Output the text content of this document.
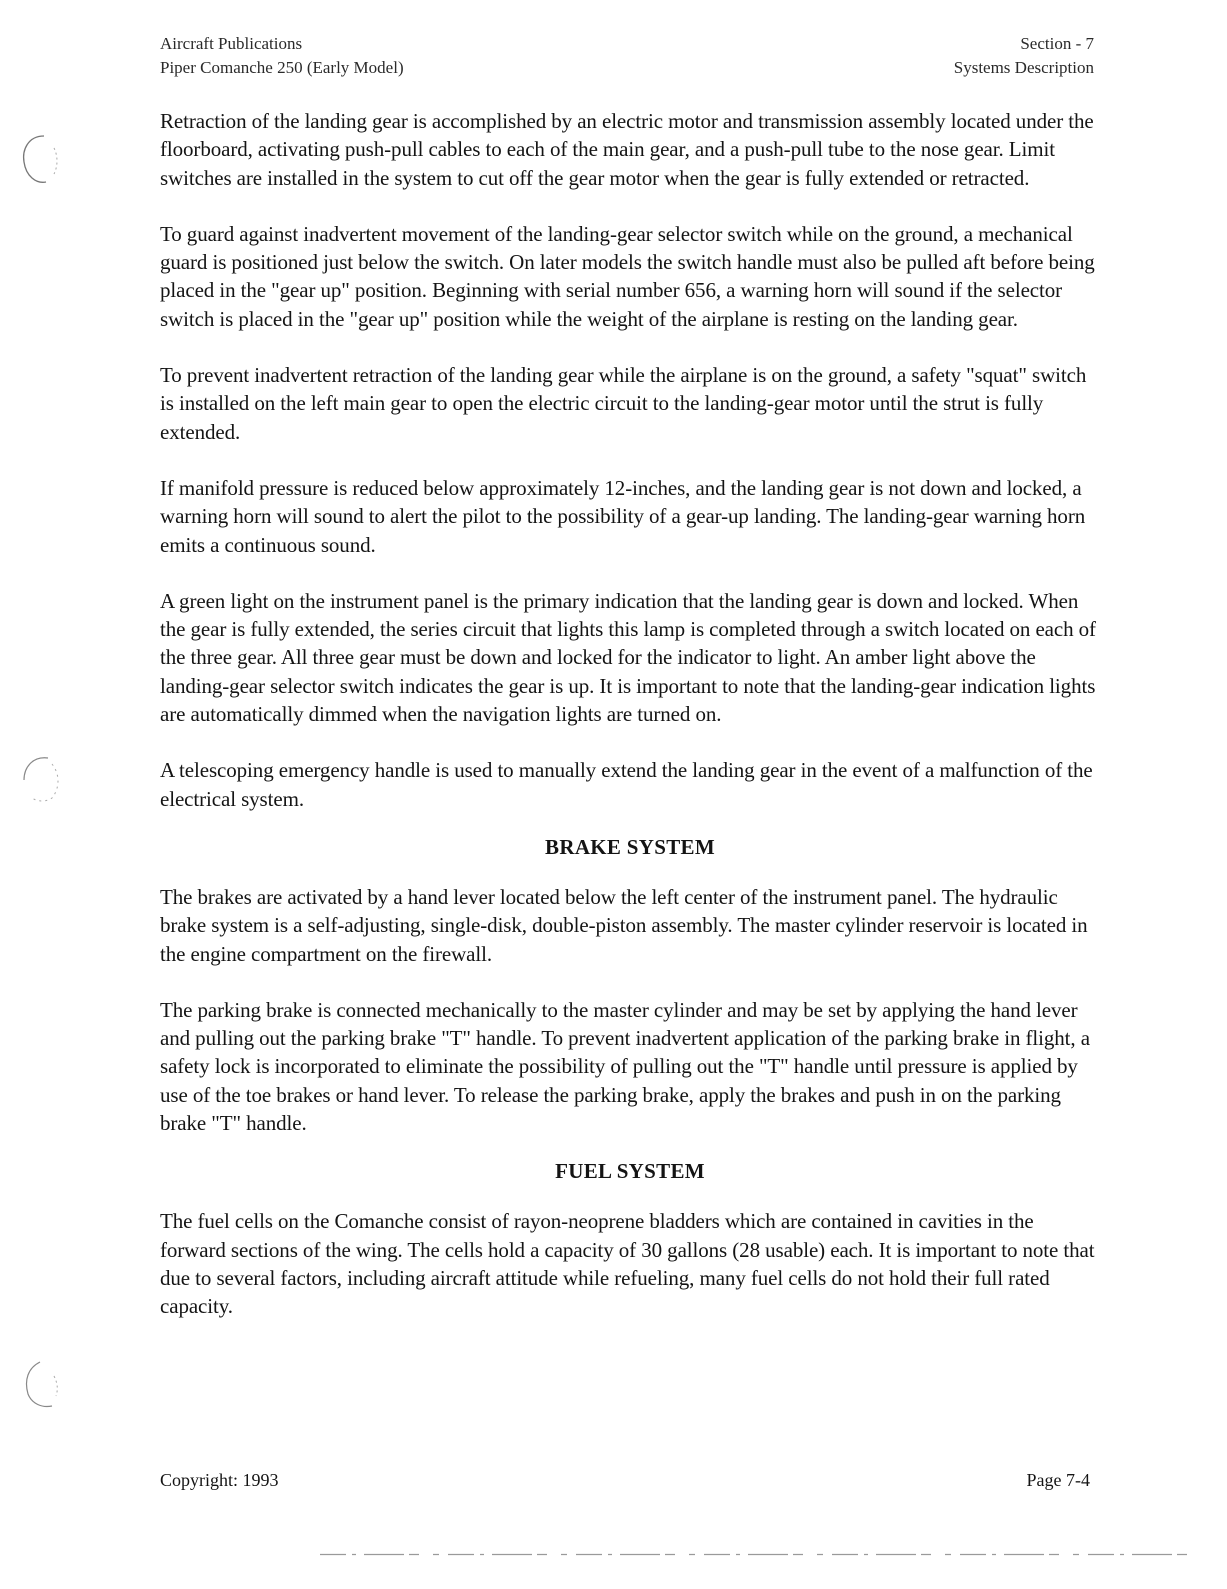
Aircraft Publications
Piper Comanche 250 (Early Model)
Section - 7
Systems Description

Retraction of the landing gear is accomplished by an electric motor and transmission assembly located under the floorboard, activating push-pull cables to each of the main gear, and a push-pull tube to the nose gear. Limit switches are installed in the system to cut off the gear motor when the gear is fully extended or retracted.

To guard against inadvertent movement of the landing-gear selector switch while on the ground, a mechanical guard is positioned just below the switch. On later models the switch handle must also be pulled aft before being placed in the "gear up" position. Beginning with serial number 656, a warning horn will sound if the selector switch is placed in the "gear up" position while the weight of the airplane is resting on the landing gear.

To prevent inadvertent retraction of the landing gear while the airplane is on the ground, a safety "squat" switch is installed on the left main gear to open the electric circuit to the landing-gear motor until the strut is fully extended.

If manifold pressure is reduced below approximately 12-inches, and the landing gear is not down and locked, a warning horn will sound to alert the pilot to the possibility of a gear-up landing. The landing-gear warning horn emits a continuous sound.

A green light on the instrument panel is the primary indication that the landing gear is down and locked. When the gear is fully extended, the series circuit that lights this lamp is completed through a switch located on each of the three gear. All three gear must be down and locked for the indicator to light. An amber light above the landing-gear selector switch indicates the gear is up. It is important to note that the landing-gear indication lights are automatically dimmed when the navigation lights are turned on.

A telescoping emergency handle is used to manually extend the landing gear in the event of a malfunction of the electrical system.

BRAKE SYSTEM

The brakes are activated by a hand lever located below the left center of the instrument panel. The hydraulic brake system is a self-adjusting, single-disk, double-piston assembly. The master cylinder reservoir is located in the engine compartment on the firewall.

The parking brake is connected mechanically to the master cylinder and may be set by applying the hand lever and pulling out the parking brake "T" handle. To prevent inadvertent application of the parking brake in flight, a safety lock is incorporated to eliminate the possibility of pulling out the "T" handle until pressure is applied by use of the toe brakes or hand lever. To release the parking brake, apply the brakes and push in on the parking brake "T" handle.

FUEL SYSTEM

The fuel cells on the Comanche consist of rayon-neoprene bladders which are contained in cavities in the forward sections of the wing. The cells hold a capacity of 30 gallons (28 usable) each. It is important to note that due to several factors, including aircraft attitude while refueling, many fuel cells do not hold their full rated capacity.

Copyright: 1993	Page 7-4
